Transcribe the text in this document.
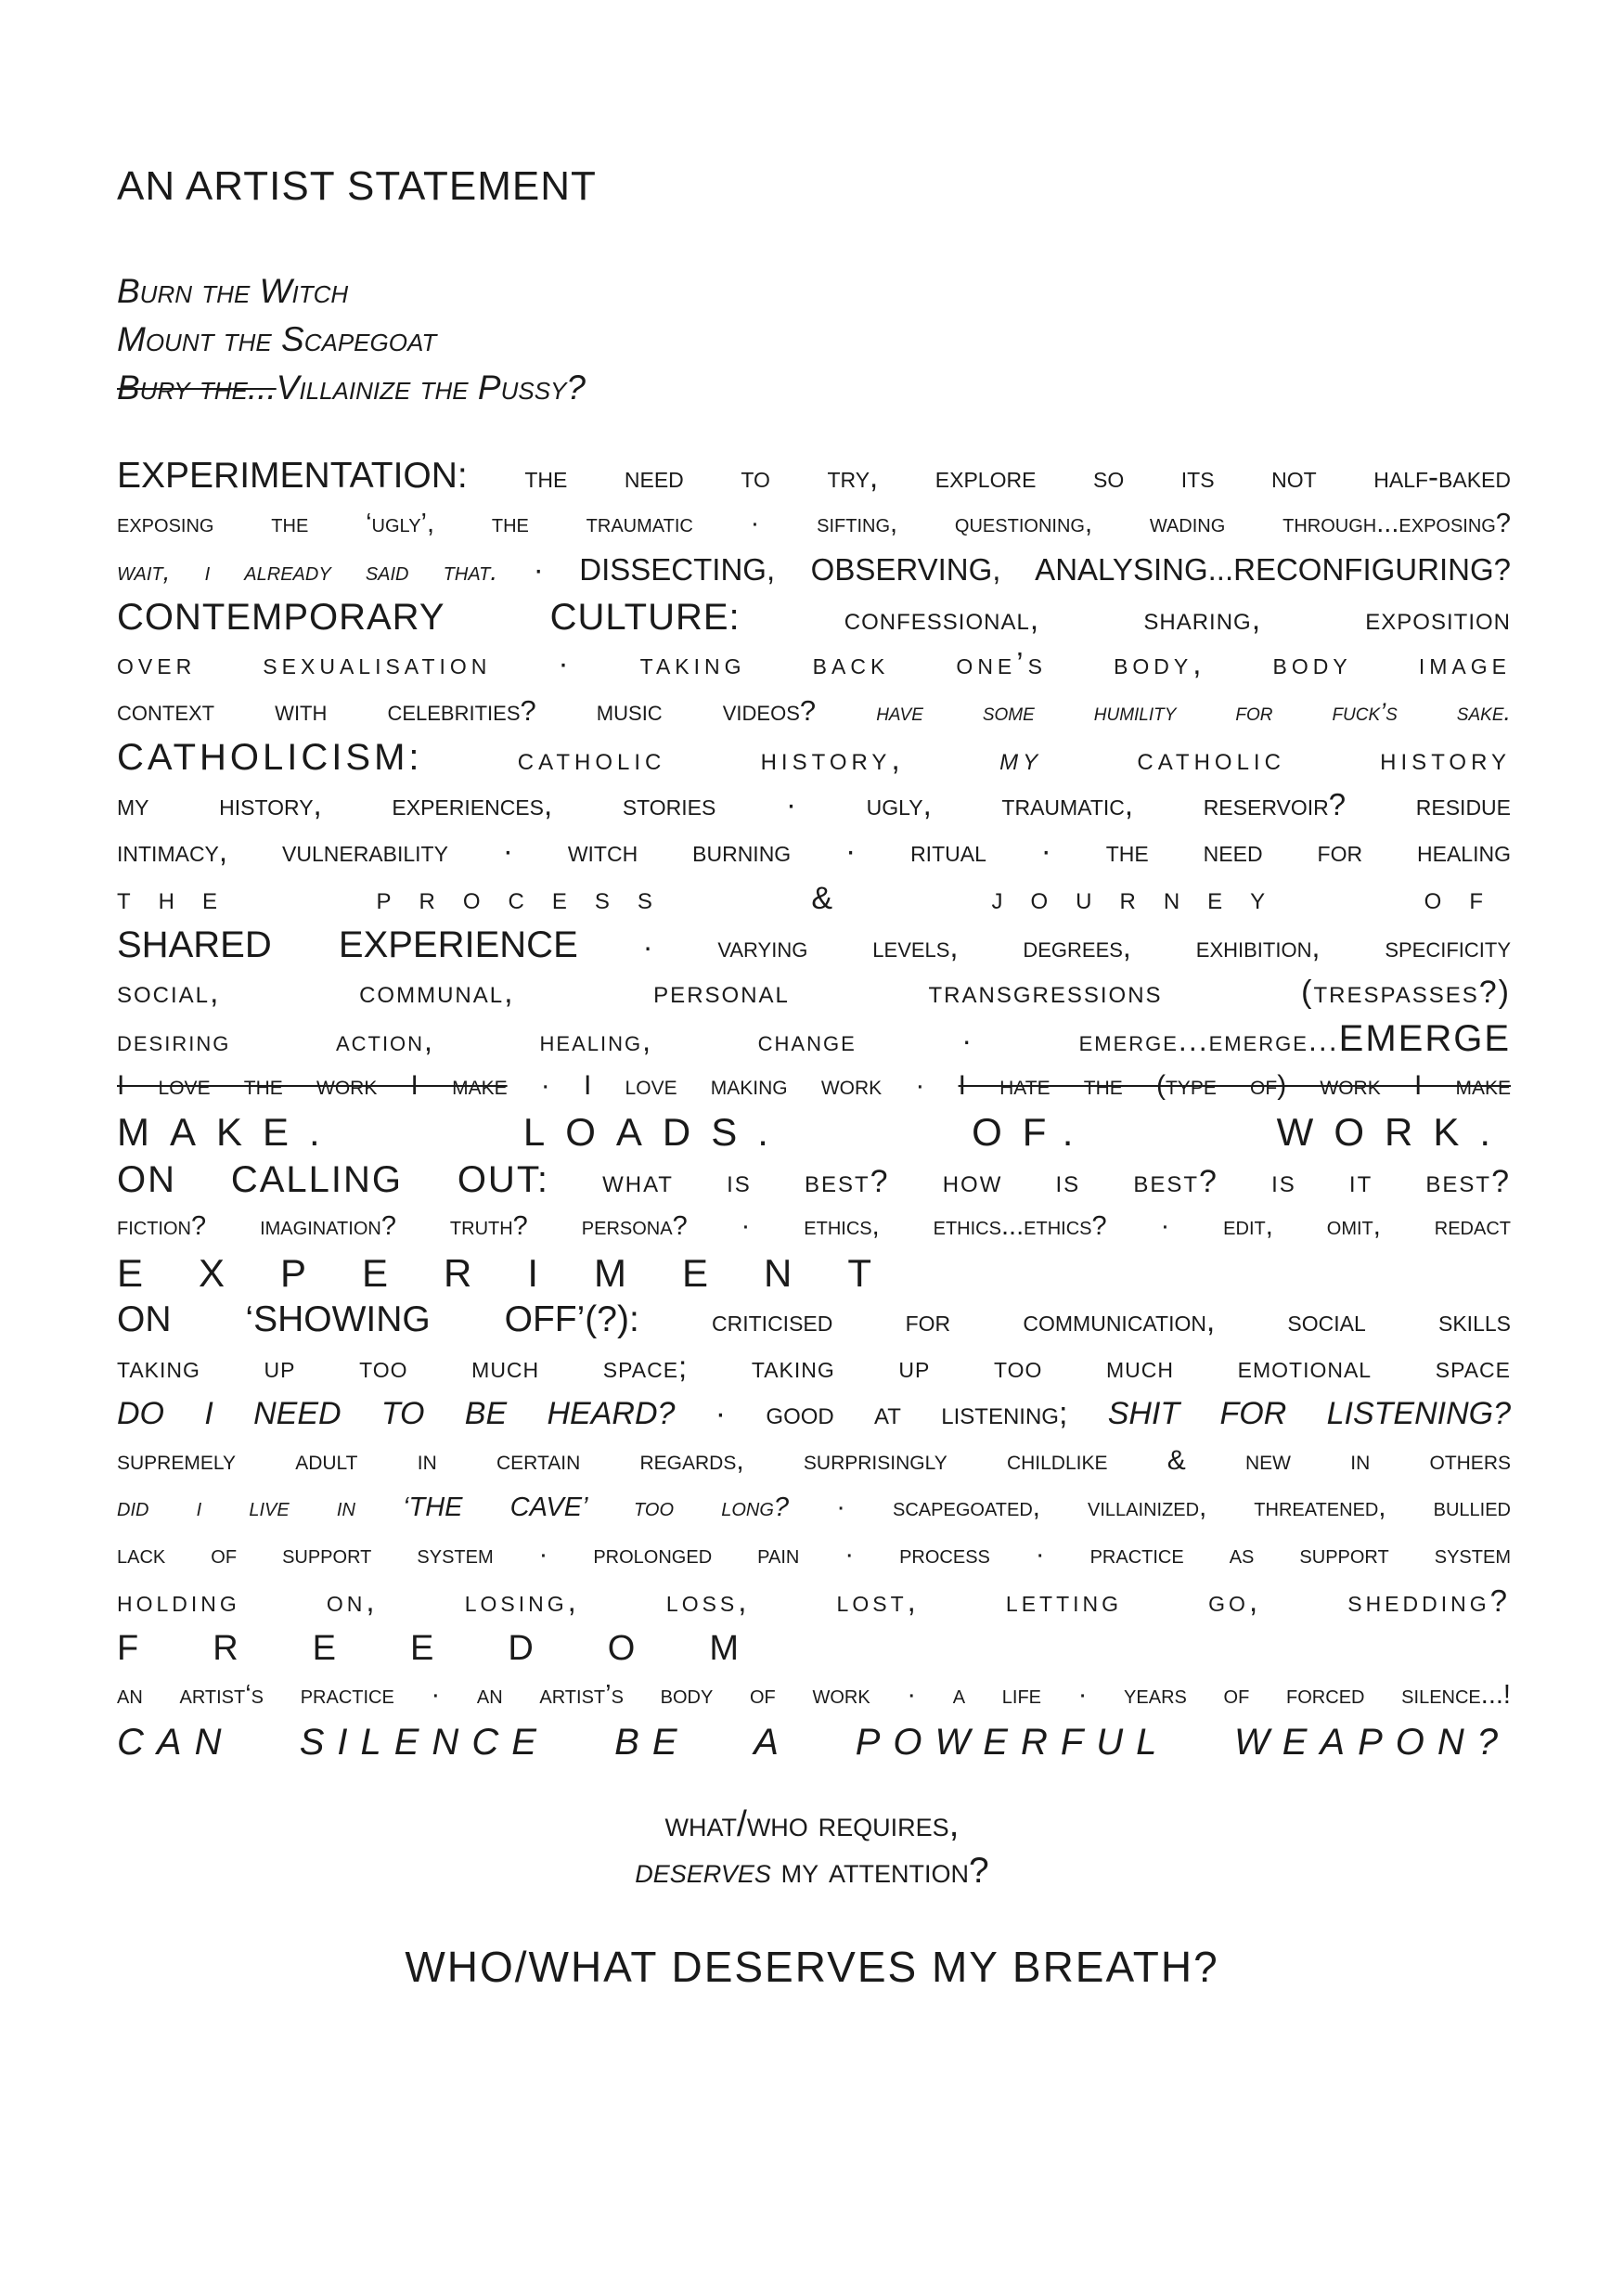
AN ARTIST STATEMENT
Burn the Witch
Mount the Scapegoat
Bury the...Villainize the Pussy?
EXPERIMENTATION: the need to try, explore so its not half-baked
exposing the ‘ugly’, the traumatic · sifting, questioning, wading through...exposing?
wait, i already said that. · DISSECTING, OBSERVING, ANALYSING...RECONFIGURING?
CONTEMPORARY CULTURE: confessional, sharing, exposition
over sexualisation · taking back one’s body, body image
context with celebrities? music videos? have some humility for fuck’s sake.
CATHOLICISM: catholic history, my catholic history
my history, experiences, stories · ugly, traumatic, reservoir? residue
intimacy, vulnerability · witch burning · ritual · the need for healing
the process & journey of
SHARED EXPERIENCE · varying levels, degrees, exhibition, specificity
social, communal, personal transgressions (trespasses?)
desiring action, healing, change · emerge...emerge...EMERGE
I love the work I make · I love making work · I hate the (type of) work I make
MAKE. LOADS. OF. WORK.
ON CALLING OUT: what is best? how is best? is it best?
fiction? imagination? truth? persona? · ethics, ethics...ethics? · edit, omit, redact
EXPERIMENT
ON ‘SHOWING OFF’(?): criticised for communication, social skills
taking up too much space; taking up too much emotional space
DO I NEED TO BE HEARD? · good at listening; SHIT FOR LISTENING?
supremely adult in certain regards, surprisingly childlike & new in others
did i live in ‘THE CAVE’ too long? · scapegoated, villainized, threatened, bullied
lack of support system · prolonged pain · process · practice as support system
holding on, losing, loss, lost, letting go, shedding?
FREEDOM
an artist‘s practice · an artist’s body of work · a life · years of forced silence...!
CAN SILENCE BE A POWERFUL WEAPON?
what/who requires,
deserves my attention?
WHO/WHAT DESERVES MY BREATH?
